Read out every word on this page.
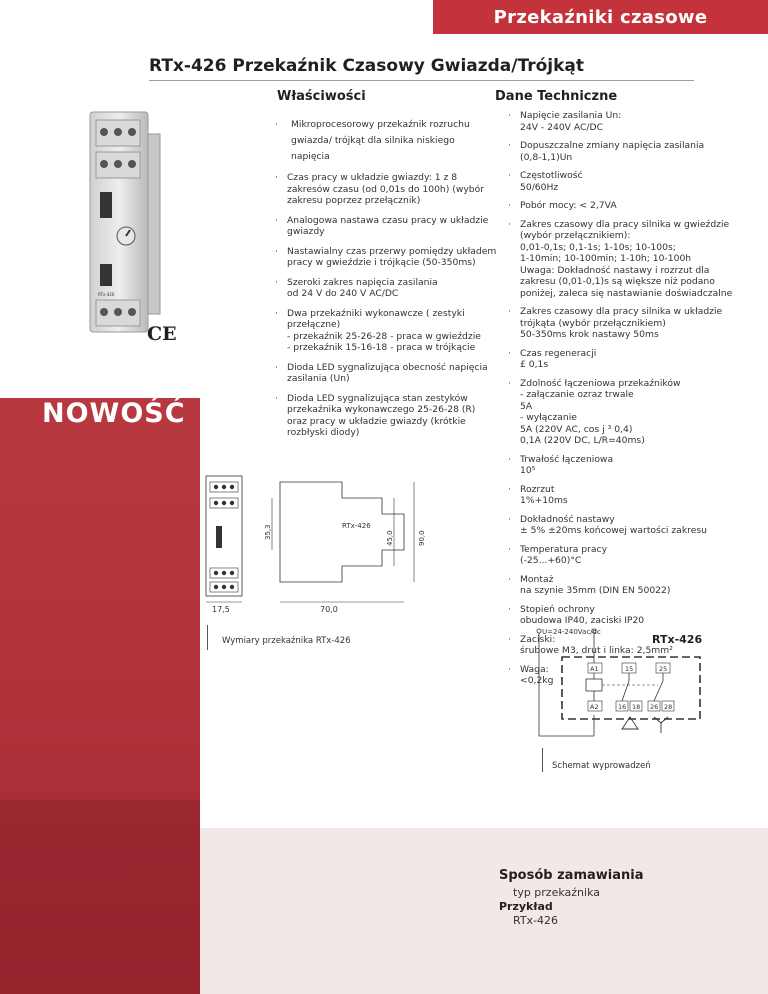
Przekaźniki czasowe
RTx-426 Przekaźnik Czasowy Gwiazda/Trójkąt
RTx-426
CE
Właściwości
· Mikroprocesorowy przekaźnik rozruchu
gwiazda/ trójkąt dla silnika niskiego
napięcia
· Czas pracy w układzie gwiazdy: 1 z 8
zakresów czasu (od 0,01s do 100h) (wybór
zakresu poprzez przełącznik)
· Analogowa nastawa czasu pracy w układzie
gwiazdy
· Nastawialny czas przerwy pomiędzy układem
pracy w gwieździe i trójkącie (50-350ms)
· Szeroki zakres napięcia zasilania
od 24 V do 240 V AC/DC
· Dwa przekaźniki wykonawcze ( zestyki
przełączne)
- przekaźnik 25-26-28 - praca w gwieździe
- przekaźnik 15-16-18 - praca w trójkącie
· Dioda LED sygnalizująca obecność napięcia
zasilania (Un)
· Dioda LED sygnalizująca stan zestyków
przekaźnika wykonawczego 25-26-28 (R)
oraz pracy w układzie gwiazdy (krótkie
rozbłyski diody)
Dane Techniczne
· Napięcie zasilania Un:
24V - 240V AC/DC
· Dopuszczalne zmiany napięcia zasilania
(0,8-1,1)Un
· Częstotliwość
50/60Hz
· Pobór mocy: < 2,7VA
· Zakres czasowy dla pracy silnika w gwieździe
(wybór przełącznikiem):
0,01-0,1s; 0,1-1s; 1-10s; 10-100s;
1-10min; 10-100min; 1-10h; 10-100h
Uwaga: Dokładność nastawy i rozrzut dla
zakresu (0,01-0,1)s są większe niż podano
poniżej, zaleca się nastawianie doświadczalne
· Zakres czasowy dla pracy silnika w układzie
trójkąta (wybór przełącznikiem)
50-350ms krok nastawy 50ms
· Czas regeneracji
£ 0,1s
· Zdolność łączeniowa przekaźników
- załączanie ozraz trwale
5A
- wyłączanie
5A (220V AC, cos j ³ 0,4)
0,1A (220V DC, L/R=40ms)
· Trwałość łączeniowa
10⁵
· Rozrzut
1%+10ms
· Dokładność nastawy
± 5% ±20ms końcowej wartości zakresu
· Temperatura pracy
(-25...+60)°C
· Montaż
na szynie 35mm (DIN EN 50022)
· Stopień ochrony
obudowa IP40, zaciski IP20
· Zaciski:
śrubowe M3, drut i linka: 2,5mm²
· Waga:
<0,2kg
NOWOŚĆ
17,5
RTx-426
35,3	45,0	90,0
70,0
Wymiary przekaźnika RTx-426
U=24-240Vac/dc
RTx-426
A1
A2
15	25
16 18 26 28
Schemat wyprowadzeń
Sposób zamawiania
typ przekaźnika
Przykład
RTx-426
